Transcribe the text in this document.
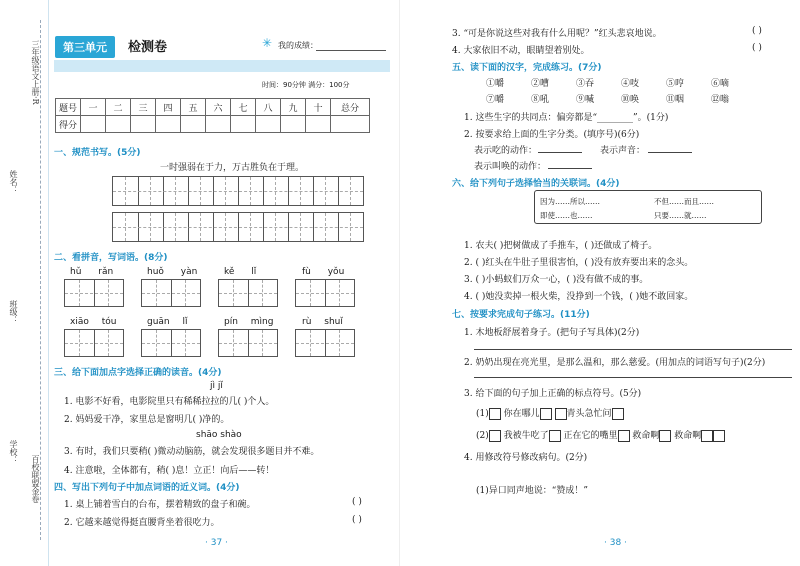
姓名：
班级：
学校：
三年级语文上册·R
百校联盟金卷
第三单元	检测卷	✳ 我的成绩：
时间：90分钟 满分：100分
题号	一	二	三	四	五	六	七	八	九	十	总分
得分											
一、规范书写。(5分)
一时强弱在于力，万古胜负在于理。
二、看拼音，写词语。(8分)
hǔ rǎn	huǒ yàn	kě lǐ	fù yǒu
xiāo tóu	guān lǐ	pín mìng	rù shuǐ
三、给下面加点字选择正确的读音。(4分)
jì jǐ
1. 电影不好看，电影院里只有稀稀拉拉的几( )个人。
2. 妈妈爱干净，家里总是窗明几( )净的。
shāo shào
3. 有时，我们只要稍( )微动动脑筋，就会发现很多题目并不难。
4. 注意啦，全体都有，稍( )息！立正！向后——转！
四、写出下列句子中加点词语的近义词。(4分)
1. 桌上铺着雪白的台布，摆着精致的盘子和碗。	( )
2. 它越来越觉得挺直腰背坐着很吃力。	( )
· 37 ·
3. “可是你说这些对我有什么用呢？”红头悲哀地说。	( )
4. 大家依旧不动，眼睛望着别处。	( )
五、读下面的汉字，完成练习。(7分)
①嚼	②嘈	③吞	④吱	⑤哼	⑥嘀
⑦嚼	⑧吼	⑨喊	⑩唤	⑪咽	⑫嗡
1. 这些生字的共同点：偏旁都是“________”。(1分)
2. 按要求给上面的生字分类。(填序号)(6分)
表示吃的动作：	表示声音：
表示叫唤的动作：
六、给下列句子选择恰当的关联词。(4分)
因为……所以……	不但……而且……
即使……也……	只要……就……
1. 农夫( )把树做成了手推车，( )还做成了椅子。
2. ( )红头在牛肚子里很害怕，( )没有放弃要出来的念头。
3. ( )小蚂蚁们万众一心，( )没有做不成的事。
4. ( )她没卖掉一根火柴，没挣到一个钱，( )她不敢回家。
七、按要求完成句子练习。(11分)
1. 木地板舒展着身子。(把句子写具体)(2分)
2. 奶奶出现在亮光里，是那么温和，那么慈爱。(用加点的词语写句子)(2分)
3. 给下面的句子加上正确的标点符号。(5分)
(1) 你在哪儿	青头急忙问
(2) 我被牛吃了 正在它的嘴里 救命啊 救命啊
4. 用修改符号修改病句。(2分)
(1)异口同声地说：“赞成！”
· 38 ·
